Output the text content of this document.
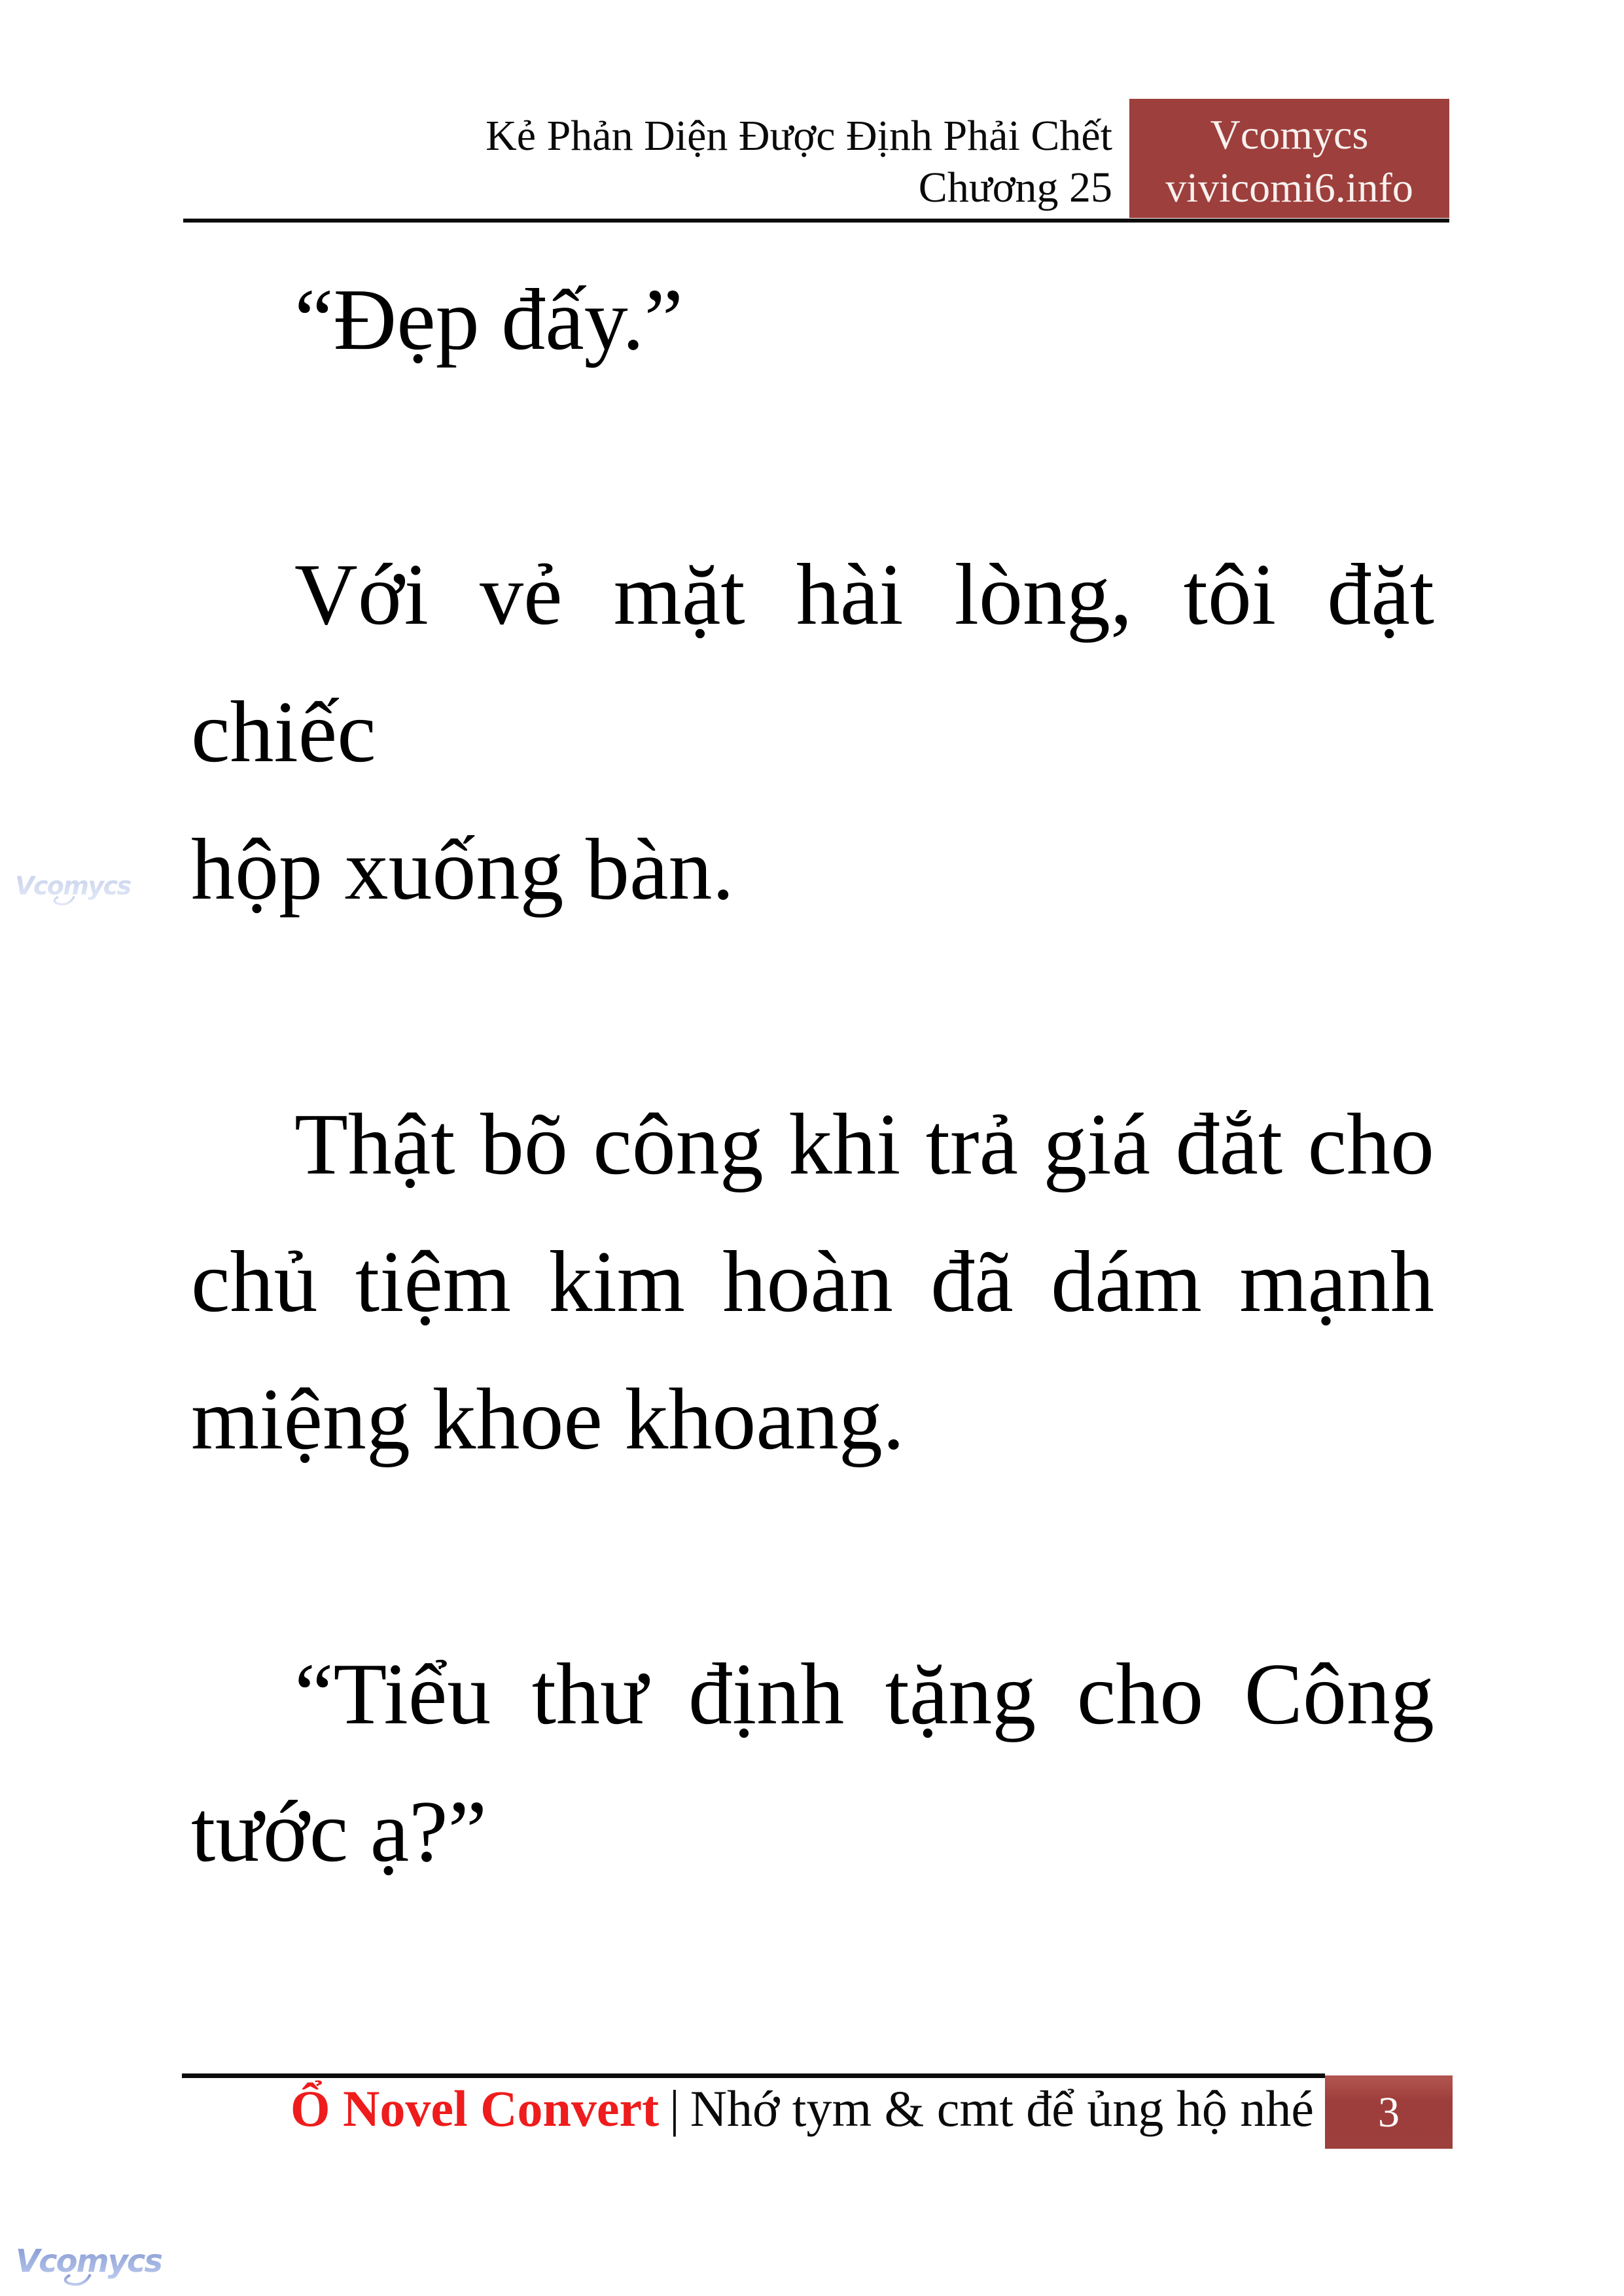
Kẻ Phản Diện Được Định Phải Chết
Chương 25
Vcomycs
vivicomi6.info
“Đẹp đấy.”
Với vẻ mặt hài lòng, tôi đặt chiếc
hộp xuống bàn.
Thật bõ công khi trả giá đắt cho
chủ tiệm kim hoàn đã dám mạnh
miệng khoe khoang.
“Tiểu thư định tặng cho Công
tước ạ?”
Ổ Novel Convert | Nhớ tym & cmt để ủng hộ nhé	3
Vcomycs
Vcomycs
